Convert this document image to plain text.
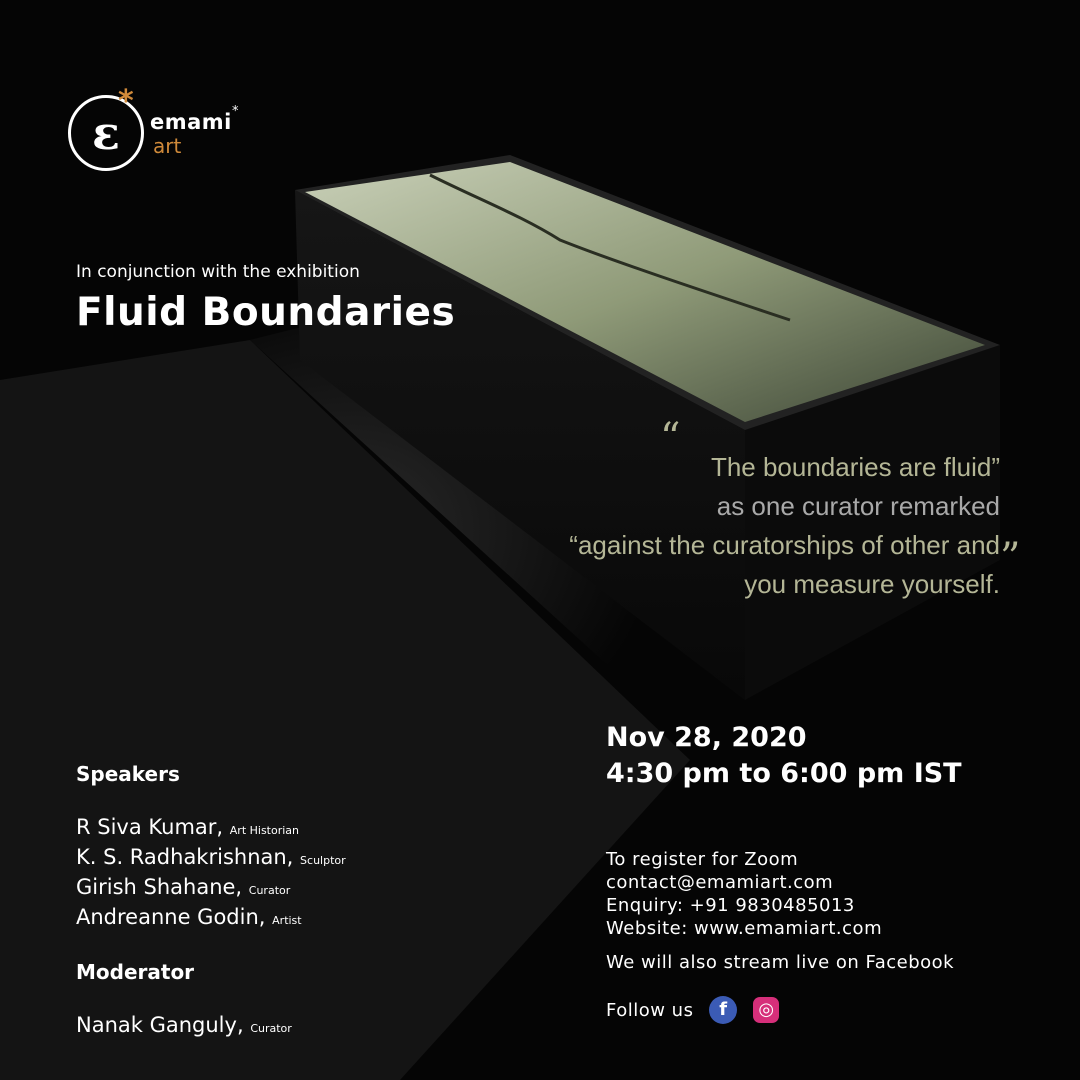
ε
*
emami *
art
In conjunction with the exhibition
Fluid Boundaries
“
The boundaries are fluid”
as one curator remarked
“against the curatorships of other and
you measure yourself.
”
Speakers
R Siva Kumar, Art Historian
K. S. Radhakrishnan, Sculptor
Girish Shahane, Curator
Andreanne Godin, Artist
Moderator
Nanak Ganguly, Curator
Nov 28, 2020
4:30 pm to 6:00 pm IST
To register for Zoom
contact@emamiart.com
Enquiry: +91 9830485013
Website: www.emamiart.com
We will also stream live on Facebook
Follow us	f	◎
